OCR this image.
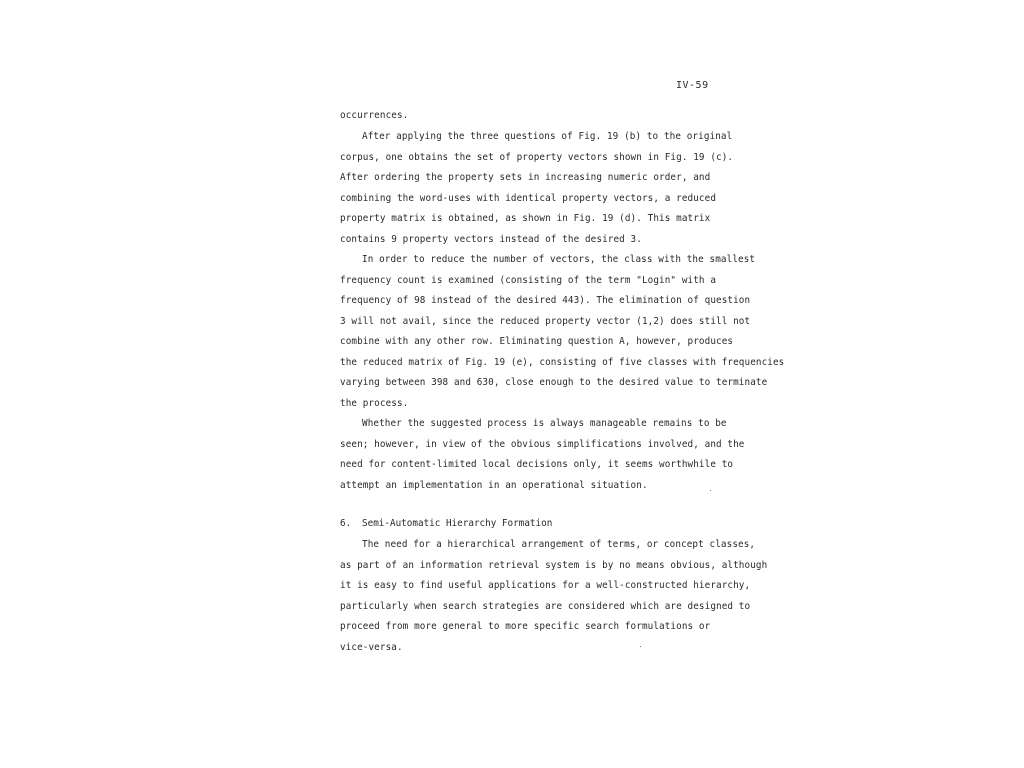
IV-59
occurrences.
After applying the three questions of Fig. 19 (b) to the original
corpus, one obtains the set of property vectors shown in Fig. 19 (c).
After ordering the property sets in increasing numeric order, and
combining the word-uses with identical property vectors, a reduced
property matrix is obtained, as shown in Fig. 19 (d). This matrix
contains 9 property vectors instead of the desired 3.
In order to reduce the number of vectors, the class with the smallest
frequency count is examined (consisting of the term "Login" with a
frequency of 98 instead of the desired 443). The elimination of question
3 will not avail, since the reduced property vector (1,2) does still not
combine with any other row. Eliminating question A, however, produces
the reduced matrix of Fig. 19 (e), consisting of five classes with frequencies
varying between 398 and 630, close enough to the desired value to terminate
the process.
Whether the suggested process is always manageable remains to be
seen; however, in view of the obvious simplifications involved, and the
need for content-limited local decisions only, it seems worthwhile to
attempt an implementation in an operational situation.
6. Semi-Automatic Hierarchy Formation
The need for a hierarchical arrangement of terms, or concept classes,
as part of an information retrieval system is by no means obvious, although
it is easy to find useful applications for a well-constructed hierarchy,
particularly when search strategies are considered which are designed to
proceed from more general to more specific search formulations or
vice-versa.
